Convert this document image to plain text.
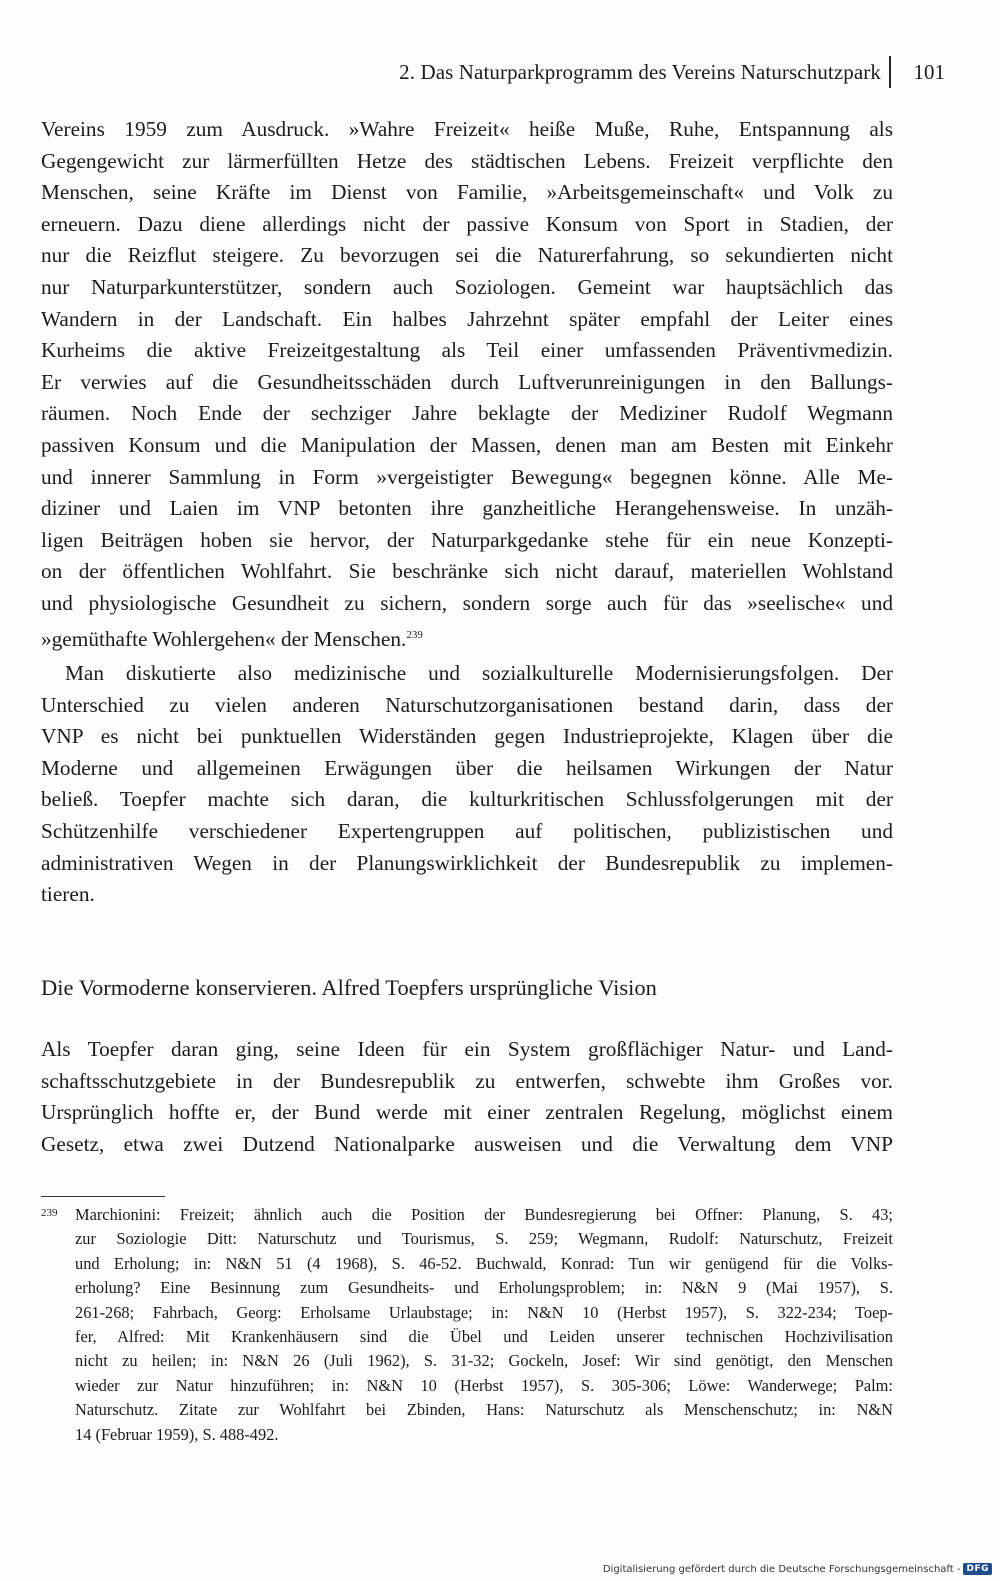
2. Das Naturparkprogramm des Vereins Naturschutzpark 101
Vereins 1959 zum Ausdruck. »Wahre Freizeit« heiße Muße, Ruhe, Entspannung als
Gegengewicht zur lärmerfüllten Hetze des städtischen Lebens. Freizeit verpflichte den
Menschen, seine Kräfte im Dienst von Familie, »Arbeitsgemeinschaft« und Volk zu
erneuern. Dazu diene allerdings nicht der passive Konsum von Sport in Stadien, der
nur die Reizflut steigere. Zu bevorzugen sei die Naturerfahrung, so sekundierten nicht
nur Naturparkunterstützer, sondern auch Soziologen. Gemeint war hauptsächlich das
Wandern in der Landschaft. Ein halbes Jahrzehnt später empfahl der Leiter eines
Kurheims die aktive Freizeitgestaltung als Teil einer umfassenden Präventivmedizin.
Er verwies auf die Gesundheitsschäden durch Luftverunreinigungen in den Ballungs-
räumen. Noch Ende der sechziger Jahre beklagte der Mediziner Rudolf Wegmann
passiven Konsum und die Manipulation der Massen, denen man am Besten mit Einkehr
und innerer Sammlung in Form »vergeistigter Bewegung« begegnen könne. Alle Me-
diziner und Laien im VNP betonten ihre ganzheitliche Herangehensweise. In unzäh-
ligen Beiträgen hoben sie hervor, der Naturparkgedanke stehe für ein neue Konzepti-
on der öffentlichen Wohlfahrt. Sie beschränke sich nicht darauf, materiellen Wohlstand
und physiologische Gesundheit zu sichern, sondern sorge auch für das »seelische« und
»gemüthafte Wohlergehen« der Menschen.$^{239}$
Man diskutierte also medizinische und sozialkulturelle Modernisierungsfolgen. Der
Unterschied zu vielen anderen Naturschutzorganisationen bestand darin, dass der
VNP es nicht bei punktuellen Widerständen gegen Industrieprojekte, Klagen über die
Moderne und allgemeinen Erwägungen über die heilsamen Wirkungen der Natur
beließ. Toepfer machte sich daran, die kulturkritischen Schlussfolgerungen mit der
Schützenhilfe verschiedener Expertengruppen auf politischen, publizistischen und
administrativen Wegen in der Planungswirklichkeit der Bundesrepublik zu implemen-
tieren.
Die Vormoderne konservieren. Alfred Toepfers ursprüngliche Vision
Als Toepfer daran ging, seine Ideen für ein System großflächiger Natur- und Land-
schaftsschutzgebiete in der Bundesrepublik zu entwerfen, schwebte ihm Großes vor.
Ursprünglich hoffte er, der Bund werde mit einer zentralen Regelung, möglichst einem
Gesetz, etwa zwei Dutzend Nationalparke ausweisen und die Verwaltung dem VNP
239	Marchionini: Freizeit; ähnlich auch die Position der Bundesregierung bei Offner: Planung, S. 43;
zur Soziologie Ditt: Naturschutz und Tourismus, S. 259; Wegmann, Rudolf: Naturschutz, Freizeit
und Erholung; in: N&N 51 (4 1968), S. 46-52. Buchwald, Konrad: Tun wir genügend für die Volks-
erholung? Eine Besinnung zum Gesundheits- und Erholungsproblem; in: N&N 9 (Mai 1957), S.
261-268; Fahrbach, Georg: Erholsame Urlaubstage; in: N&N 10 (Herbst 1957), S. 322-234; Toep-
fer, Alfred: Mit Krankenhäusern sind die Übel und Leiden unserer technischen Hochzivilisation
nicht zu heilen; in: N&N 26 (Juli 1962), S. 31-32; Gockeln, Josef: Wir sind genötigt, den Menschen
wieder zur Natur hinzuführen; in: N&N 10 (Herbst 1957), S. 305-306; Löwe: Wanderwege; Palm:
Naturschutz. Zitate zur Wohlfahrt bei Zbinden, Hans: Naturschutz als Menschenschutz; in: N&N
14 (Februar 1959), S. 488-492.
Digitalisierung gefördert durch die Deutsche Forschungsgemeinschaft - DFG
